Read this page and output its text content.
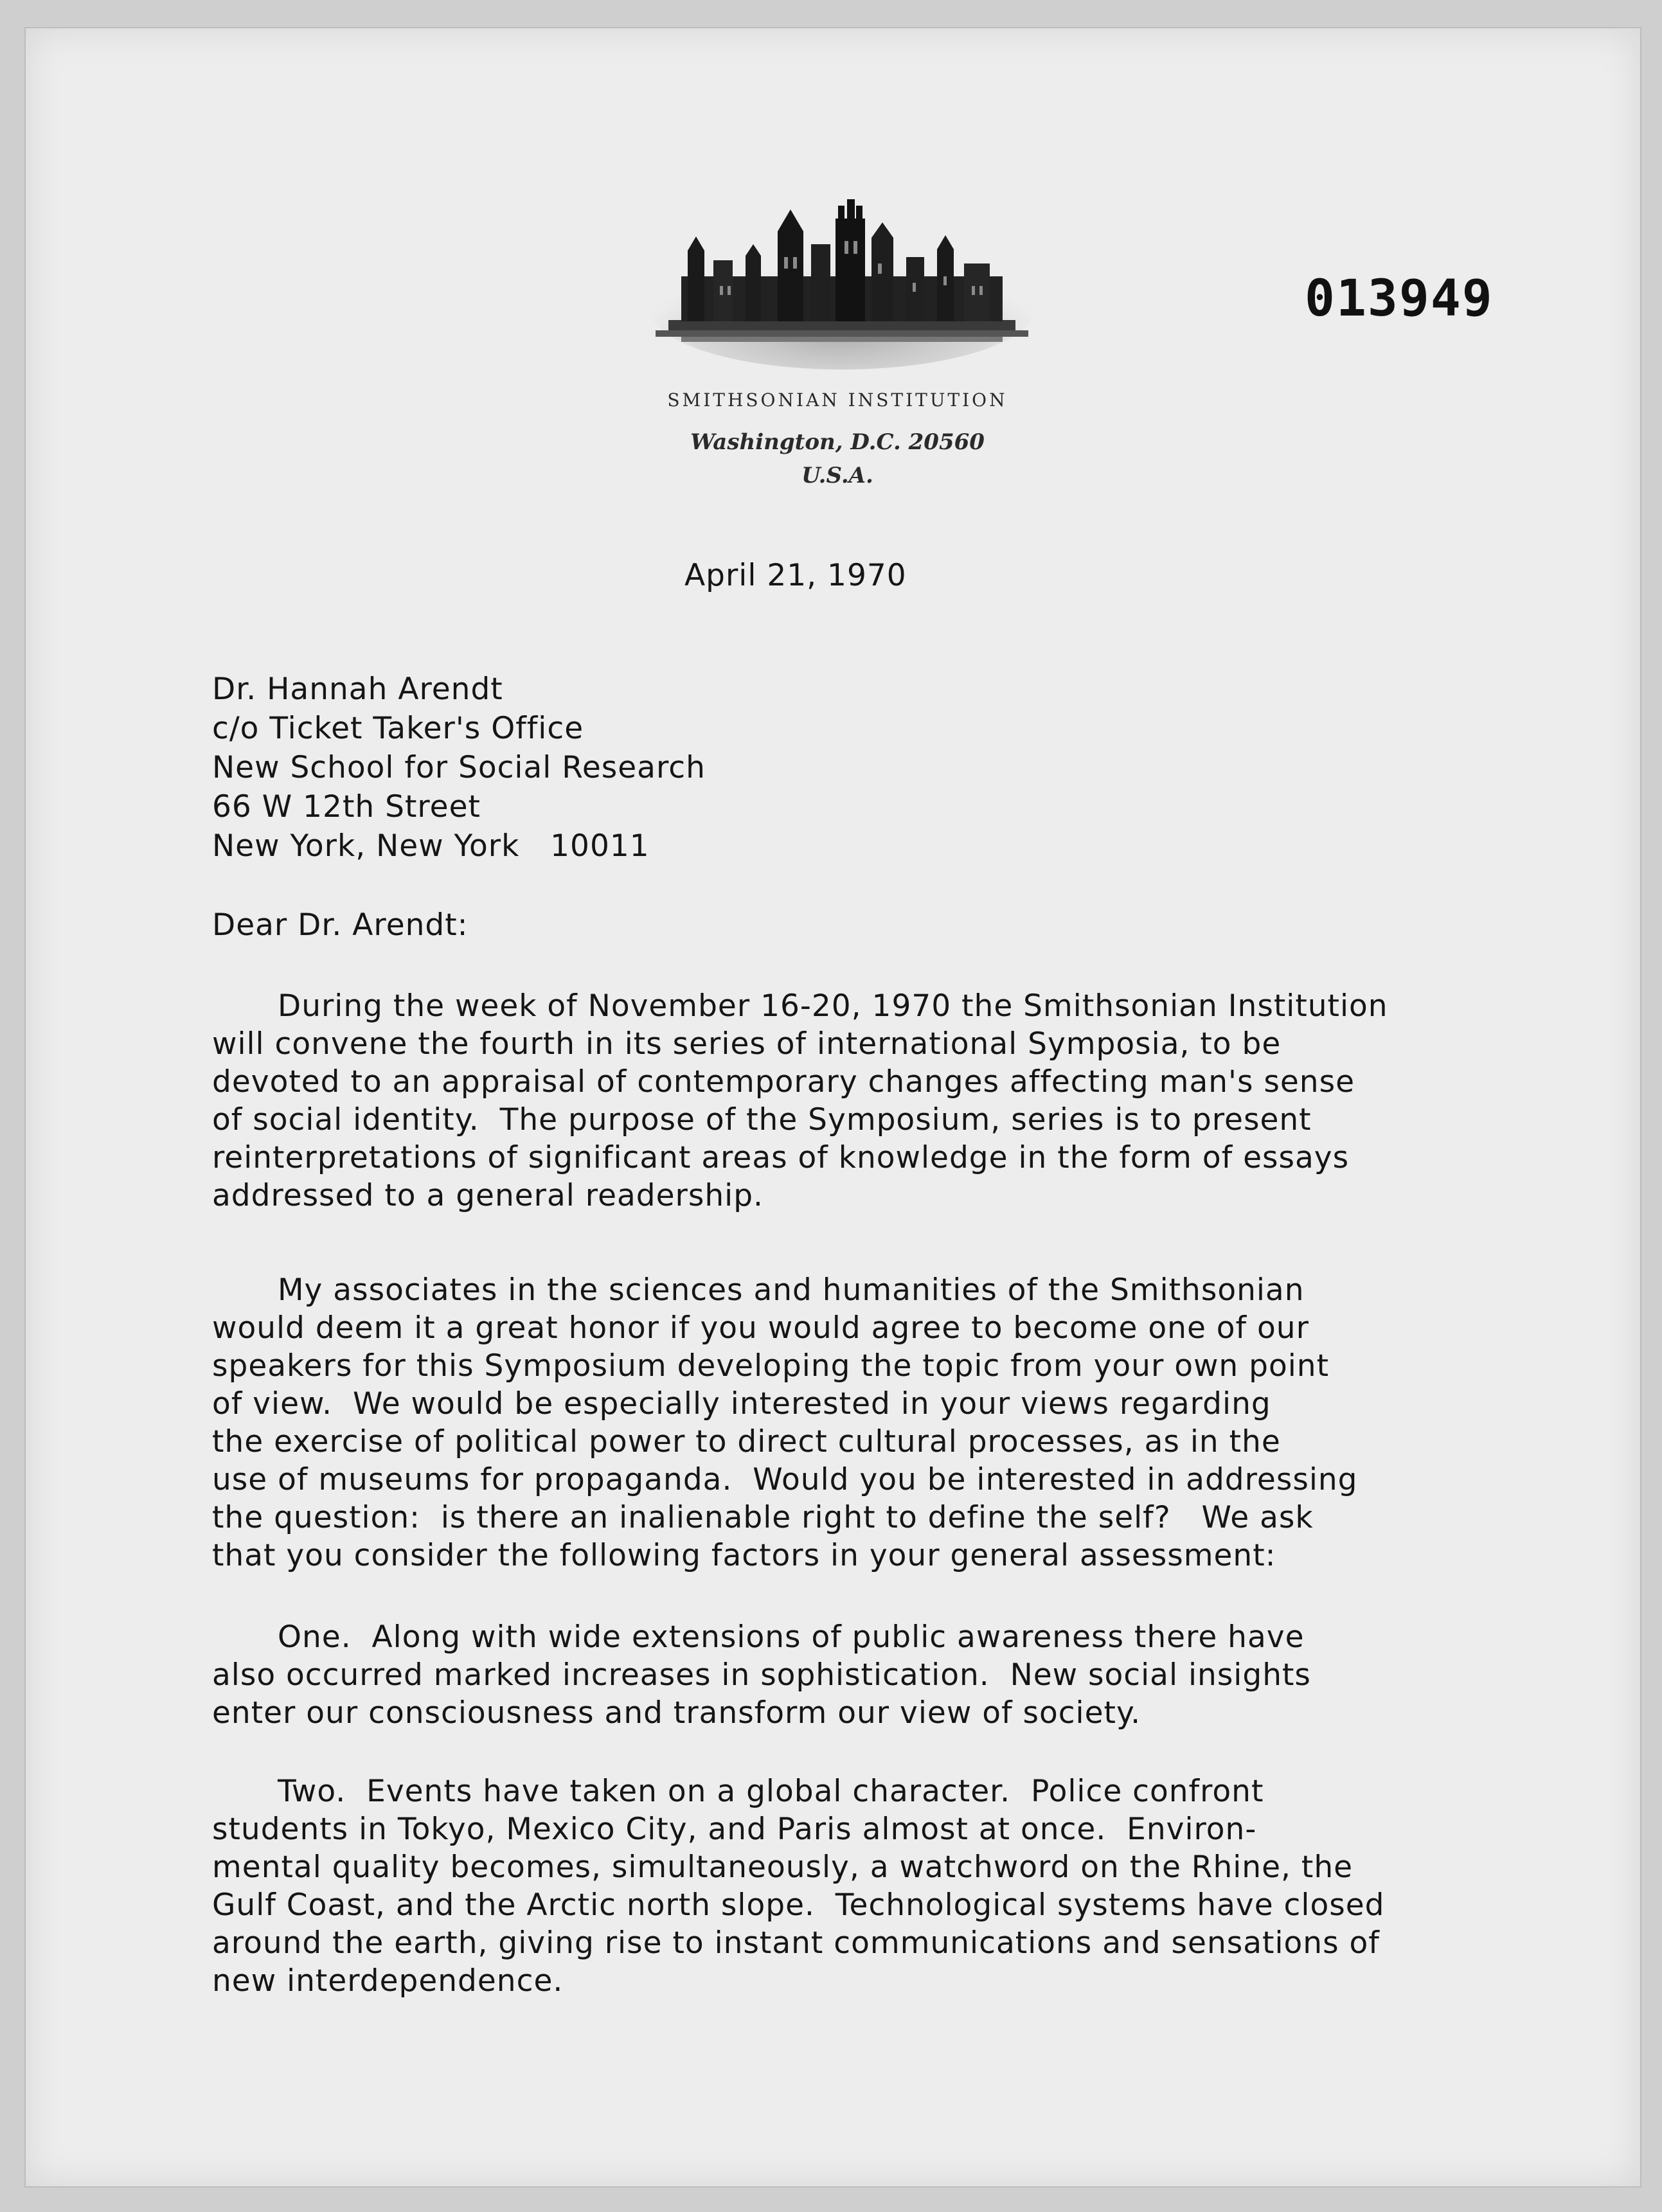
SMITHSONIAN INSTITUTION
Washington, D.C. 20560
U.S.A.
013949
April 21, 1970
Dr. Hannah Arendt
c/o Ticket Taker's Office
New School for Social Research
66 W 12th Street
New York, New York   10011
Dear Dr. Arendt:
During the week of November 16-20, 1970 the Smithsonian Institution
will convene the fourth in its series of international Symposia, to be
devoted to an appraisal of contemporary changes affecting man's sense
of social identity.  The purpose of the Symposium, series is to present
reinterpretations of significant areas of knowledge in the form of essays
addressed to a general readership.
My associates in the sciences and humanities of the Smithsonian
would deem it a great honor if you would agree to become one of our
speakers for this Symposium developing the topic from your own point
of view.  We would be especially interested in your views regarding
the exercise of political power to direct cultural processes, as in the
use of museums for propaganda.  Would you be interested in addressing
the question:  is there an inalienable right to define the self?   We ask
that you consider the following factors in your general assessment:
One.  Along with wide extensions of public awareness there have
also occurred marked increases in sophistication.  New social insights
enter our consciousness and transform our view of society.
Two.  Events have taken on a global character.  Police confront
students in Tokyo, Mexico City, and Paris almost at once.  Environ-
mental quality becomes, simultaneously, a watchword on the Rhine, the
Gulf Coast, and the Arctic north slope.  Technological systems have closed
around the earth, giving rise to instant communications and sensations of
new interdependence.
